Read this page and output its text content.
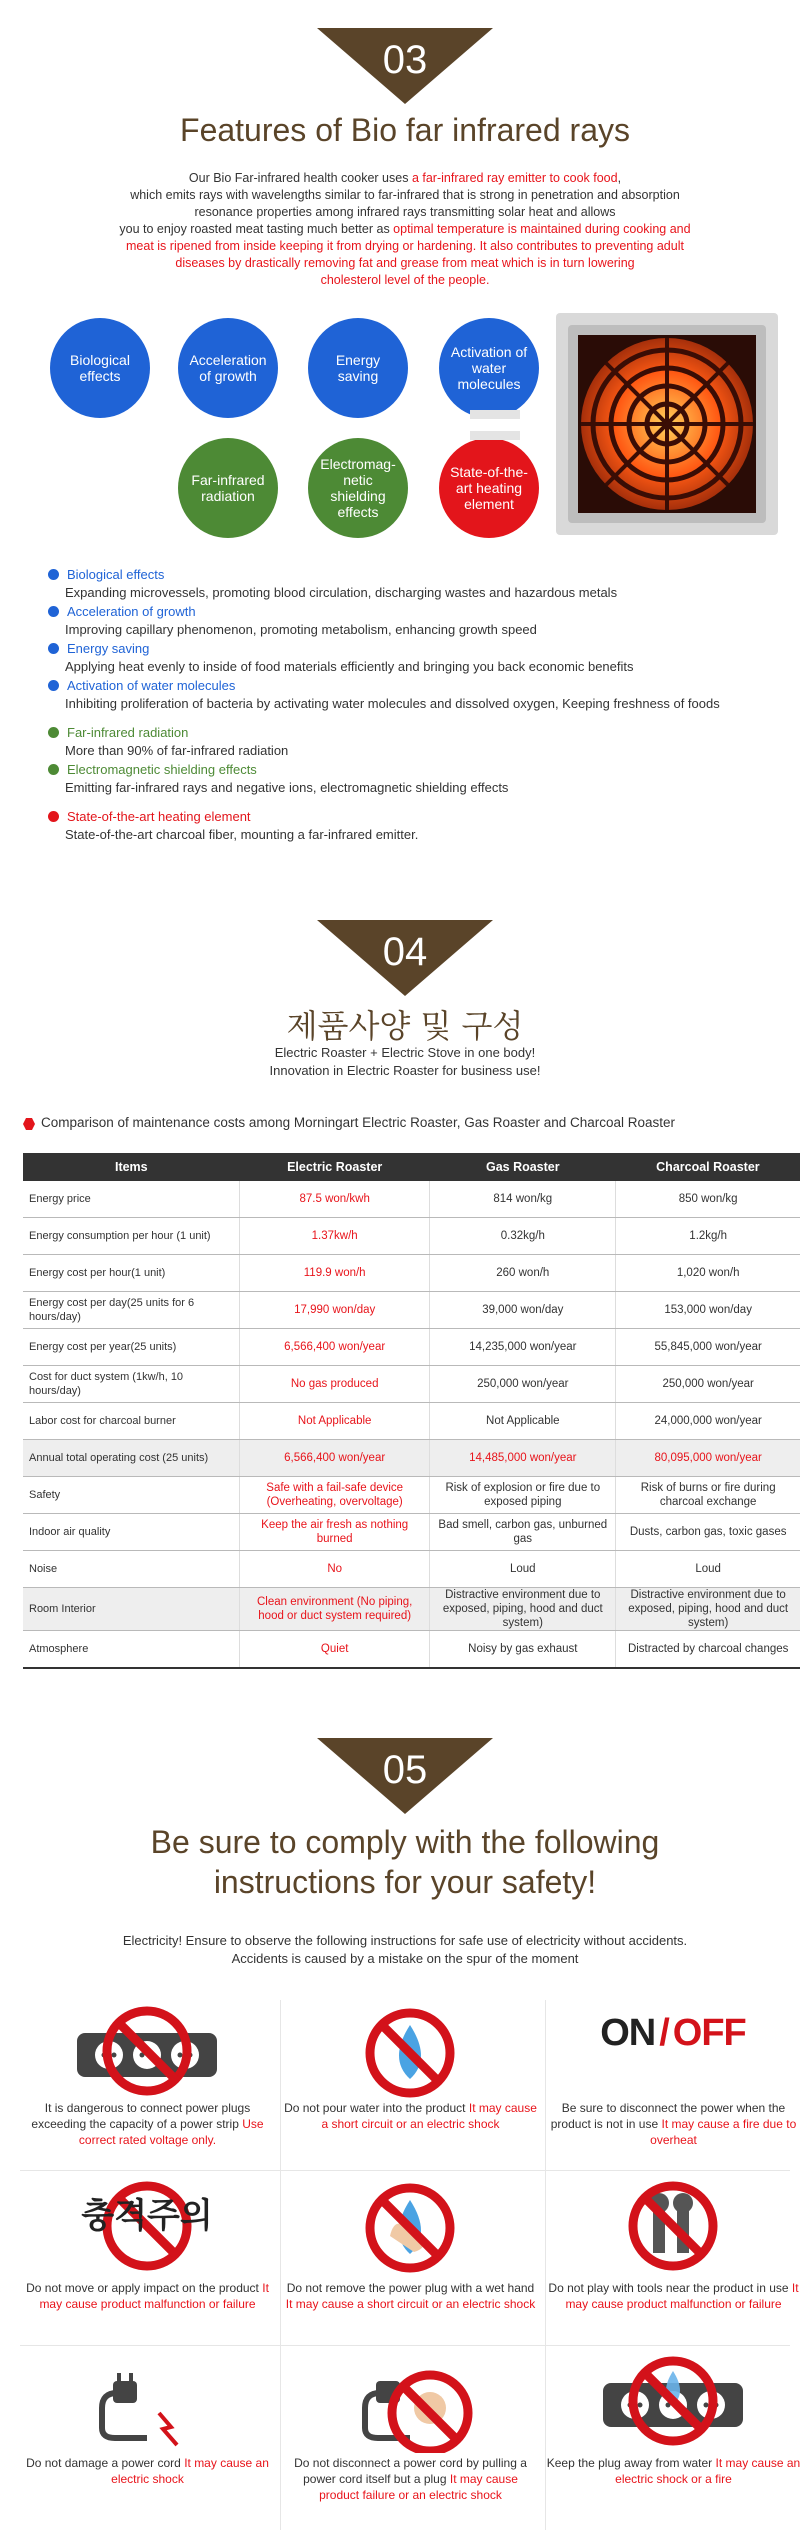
03
Features of Bio far infrared rays
Our Bio Far-infrared health cooker uses a far-infrared ray emitter to cook food,
which emits rays with wavelengths similar to far-infrared that is strong in penetration and absorption
resonance properties among infrared rays transmitting solar heat and allows
you to enjoy roasted meat tasting much better as optimal temperature is maintained during cooking and
meat is ripened from inside keeping it from drying or hardening. It also contributes to preventing adult
diseases by drastically removing fat and grease from meat which is in turn lowering
cholesterol level of the people.
Biological effects
Acceleration of growth
Energy saving
Activation of water molecules
Far-infrared radiation
Electromag-netic shielding effects
State-of-the-art heating element
Biological effects
Expanding microvessels, promoting blood circulation, discharging wastes and hazardous metals
Acceleration of growth
Improving capillary phenomenon, promoting metabolism, enhancing growth speed
Energy saving
Applying heat evenly to inside of food materials efficiently and bringing you back economic benefits
Activation of water molecules
Inhibiting proliferation of bacteria by activating water molecules and dissolved oxygen, Keeping freshness of foods
Far-infrared radiation
More than 90% of far-infrared radiation
Electromagnetic shielding effects
Emitting far-infrared rays and negative ions, electromagnetic shielding effects
State-of-the-art heating element
State-of-the-art charcoal fiber, mounting a far-infrared emitter.
04
제품사양 및 구성
Electric Roaster + Electric Stove in one body!
Innovation in Electric Roaster for business use!
Comparison of maintenance costs among Morningart Electric Roaster, Gas Roaster and Charcoal Roaster
Items	Electric Roaster	Gas Roaster	Charcoal Roaster
Energy price	87.5 won/kwh	814 won/kg	850 won/kg
Energy consumption per hour (1 unit)	1.37kw/h	0.32kg/h	1.2kg/h
Energy cost per hour(1 unit)	119.9 won/h	260 won/h	1,020 won/h
Energy cost per day(25 units for 6 hours/day)	17,990 won/day	39,000 won/day	153,000 won/day
Energy cost per year(25 units)	6,566,400 won/year	14,235,000 won/year	55,845,000 won/year
Cost for duct system (1kw/h, 10 hours/day)	No gas produced	250,000 won/year	250,000 won/year
Labor cost for charcoal burner	Not Applicable	Not Applicable	24,000,000 won/year
Annual total operating cost (25 units)	6,566,400 won/year	14,485,000 won/year	80,095,000 won/year
Safety	Safe with a fail-safe device (Overheating, overvoltage)	Risk of explosion or fire due to exposed piping	Risk of burns or fire during charcoal exchange
Indoor air quality	Keep the air fresh as nothing burned	Bad smell, carbon gas, unburned gas	Dusts, carbon gas, toxic gases
Noise	No	Loud	Loud
Room Interior	Clean environment (No piping, hood or duct system required)	Distractive environment due to exposed, piping, hood and duct system)	Distractive environment due to exposed, piping, hood and duct system)
Atmosphere	Quiet	Noisy by gas exhaust	Distracted by charcoal changes
05
Be sure to comply with the following
instructions for your safety!
Electricity! Ensure to observe the following instructions for safe use of electricity without accidents.
Accidents is caused by a mistake on the spur of the moment
It is dangerous to connect power plugs exceeding the capacity of a power strip Use correct rated voltage only.
Do not pour water into the product It may cause a short circuit or an electric shock
ON / OFF
Be sure to disconnect the power when the product is not in use It may cause a fire due to overheat
충격주의
Do not move or apply impact on the product It may cause product malfunction or failure
Do not remove the power plug with a wet hand It may cause a short circuit or an electric shock
Do not play with tools near the product in use It may cause product malfunction or failure
Do not damage a power cord It may cause an electric shock
Do not disconnect a power cord by pulling a power cord itself but a plug It may cause product failure or an electric shock
Keep the plug away from water It may cause an electric shock or a fire
